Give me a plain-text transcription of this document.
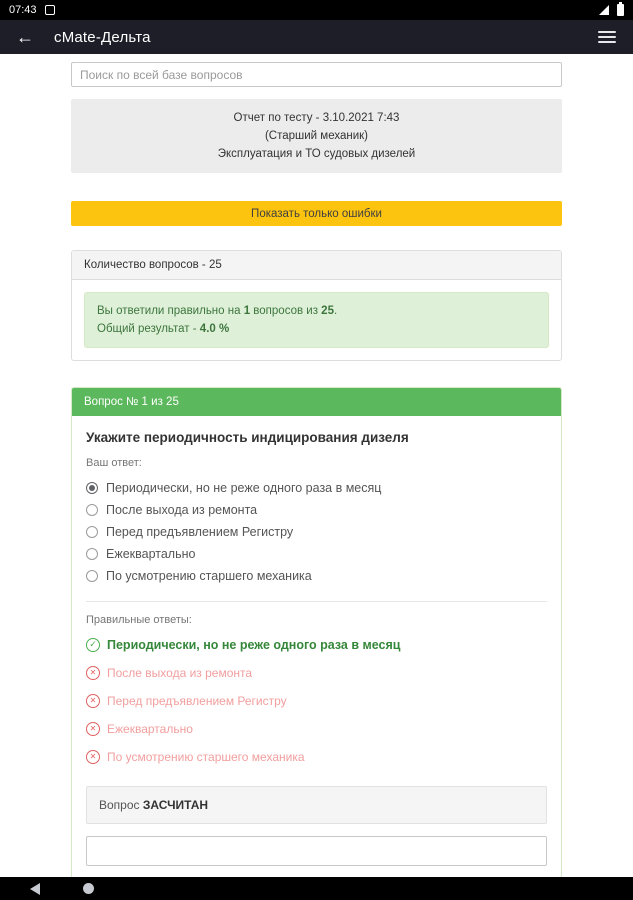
07:43
← cMate-Дельта
Поиск по всей базе вопросов
Отчет по тесту - 3.10.2021 7:43
(Старший механик)
Эксплуатация и ТО судовых дизелей
Показать только ошибки
Количество вопросов - 25
Вы ответили правильно на 1 вопросов из 25.
Общий результат - 4.0 %
Вопрос № 1 из 25
Укажите периодичность индицирования дизеля
Ваш ответ:
Периодически, но не реже одного раза в месяц
После выхода из ремонта
Перед предъявлением Регистру
Ежеквартально
По усмотрению старшего механика
Правильные ответы:
✓ Периодически, но не реже одного раза в месяц
✕ После выхода из ремонта
✕ Перед предъявлением Регистру
✕ Ежеквартально
✕ По усмотрению старшего механика
Вопрос ЗАСЧИТАН
